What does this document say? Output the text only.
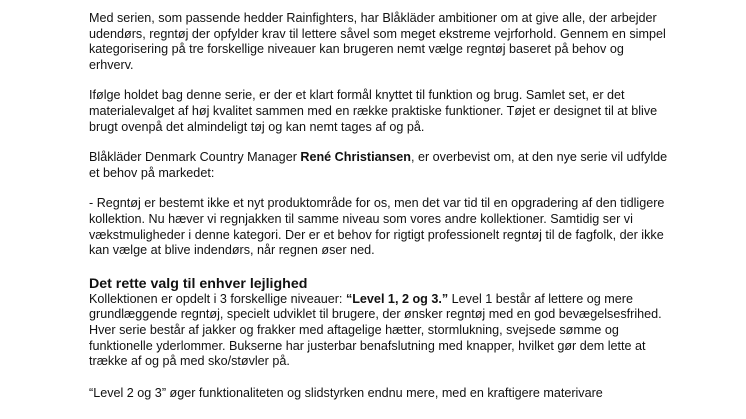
Med serien, som passende hedder Rainfighters, har Blåkläder ambitioner om at give alle, der arbejder udendørs, regntøj der opfylder krav til lettere såvel som meget ekstreme vejrforhold. Gennem en simpel kategorisering på tre forskellige niveauer kan brugeren nemt vælge regntøj baseret på behov og erhverv.

Ifølge holdet bag denne serie, er der et klart formål knyttet til funktion og brug. Samlet set, er det materialevalget af høj kvalitet sammen med en række praktiske funktioner. Tøjet er designet til at blive brugt ovenpå det almindeligt tøj og kan nemt tages af og på.

Blåkläder Denmark Country Manager René Christiansen, er overbevist om, at den nye serie vil udfylde et behov på markedet:

- Regntøj er bestemt ikke et nyt produktområde for os, men det var tid til en opgradering af den tidligere kollektion. Nu hæver vi regnjakken til samme niveau som vores andre kollektioner. Samtidig ser vi vækstmuligheder i denne kategori. Der er et behov for rigtigt professionelt regntøj til de fagfolk, der ikke kan vælge at blive indendørs, når regnen øser ned.

Det rette valg til enhver lejlighed

Kollektionen er opdelt i 3 forskellige niveauer: “Level 1, 2 og 3.” Level 1 består af lettere og mere grundlæggende regntøj, specielt udviklet til brugere, der ønsker regntøj med en god bevægelsesfrihed. Hver serie består af jakker og frakker med aftagelige hætter, stormlukning, svejsede sømme og funktionelle yderlommer. Bukserne har justerbar benafslutning med knapper, hvilket gør dem lette at trække af og på med sko/støvler på.

“Level 2 og 3” øger funktionaliteten og slidstyrken endnu mere, med en kraftigere materivare
